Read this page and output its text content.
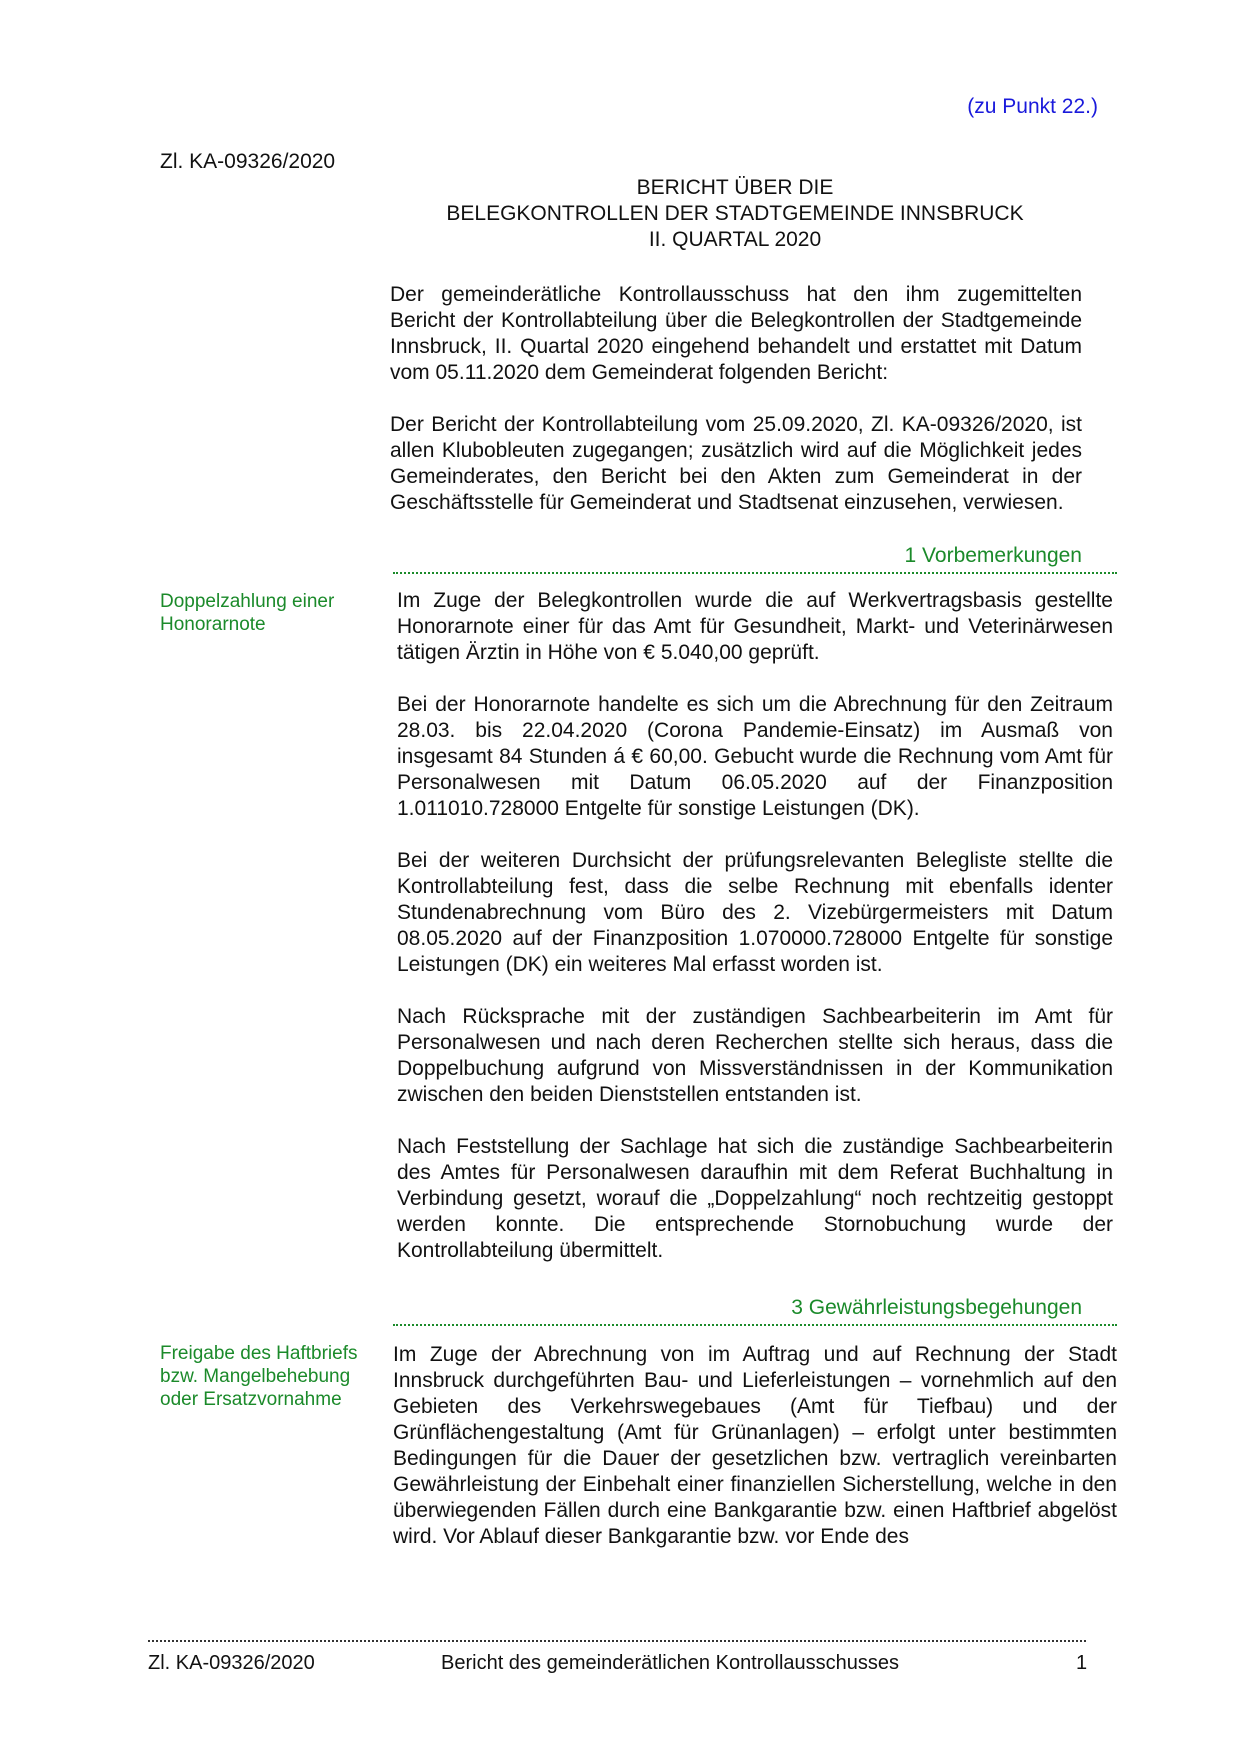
(zu Punkt 22.)
Zl. KA-09326/2020
BERICHT ÜBER DIE
BELEGKONTROLLEN DER STADTGEMEINDE INNSBRUCK
II. QUARTAL 2020

Der gemeinderätliche Kontrollausschuss hat den ihm zugemittelten Bericht der Kontrollabteilung über die Belegkontrollen der Stadtgemeinde Innsbruck, II. Quartal 2020 eingehend behandelt und erstattet mit Datum vom 05.11.2020 dem Gemeinderat folgenden Bericht:

Der Bericht der Kontrollabteilung vom 25.09.2020, Zl. KA-09326/2020, ist allen Klubobleuten zugegangen; zusätzlich wird auf die Möglichkeit jedes Gemeinderates, den Bericht bei den Akten zum Gemeinderat in der Geschäftsstelle für Gemeinderat und Stadtsenat einzusehen, verwiesen.

1 Vorbemerkungen
Doppelzahlung einer
Honorarnote

Im Zuge der Belegkontrollen wurde die auf Werkvertragsbasis gestellte Honorarnote einer für das Amt für Gesundheit, Markt- und Veterinärwesen tätigen Ärztin in Höhe von € 5.040,00 geprüft.

Bei der Honorarnote handelte es sich um die Abrechnung für den Zeitraum 28.03. bis 22.04.2020 (Corona Pandemie-Einsatz) im Ausmaß von insgesamt 84 Stunden á € 60,00. Gebucht wurde die Rechnung vom Amt für Personalwesen mit Datum 06.05.2020 auf der Finanzposition 1.011010.728000 Entgelte für sonstige Leistungen (DK).

Bei der weiteren Durchsicht der prüfungsrelevanten Belegliste stellte die Kontrollabteilung fest, dass die selbe Rechnung mit ebenfalls identer Stundenabrechnung vom Büro des 2. Vizebürgermeisters mit Datum 08.05.2020 auf der Finanzposition 1.070000.728000 Entgelte für sonstige Leistungen (DK) ein weiteres Mal erfasst worden ist.

Nach Rücksprache mit der zuständigen Sachbearbeiterin im Amt für Personalwesen und nach deren Recherchen stellte sich heraus, dass die Doppelbuchung aufgrund von Missverständnissen in der Kommunikation zwischen den beiden Dienststellen entstanden ist.

Nach Feststellung der Sachlage hat sich die zuständige Sachbearbeiterin des Amtes für Personalwesen daraufhin mit dem Referat Buchhaltung in Verbindung gesetzt, worauf die „Doppelzahlung“ noch rechtzeitig gestoppt werden konnte. Die entsprechende Stornobuchung wurde der Kontrollabteilung übermittelt.

3 Gewährleistungsbegehungen
Freigabe des Haftbriefs
bzw. Mangelbehebung
oder Ersatzvornahme

Im Zuge der Abrechnung von im Auftrag und auf Rechnung der Stadt Innsbruck durchgeführten Bau- und Lieferleistungen – vornehmlich auf den Gebieten des Verkehrswegebaues (Amt für Tiefbau) und der Grünflächengestaltung (Amt für Grünanlagen) – erfolgt unter bestimmten Bedingungen für die Dauer der gesetzlichen bzw. vertraglich vereinbarten Gewährleistung der Einbehalt einer finanziellen Sicherstellung, welche in den überwiegenden Fällen durch eine Bankgarantie bzw. einen Haftbrief abgelöst wird. Vor Ablauf dieser Bankgarantie bzw. vor Ende des

Zl. KA-09326/2020	Bericht des gemeinderätlichen Kontrollausschusses	1
